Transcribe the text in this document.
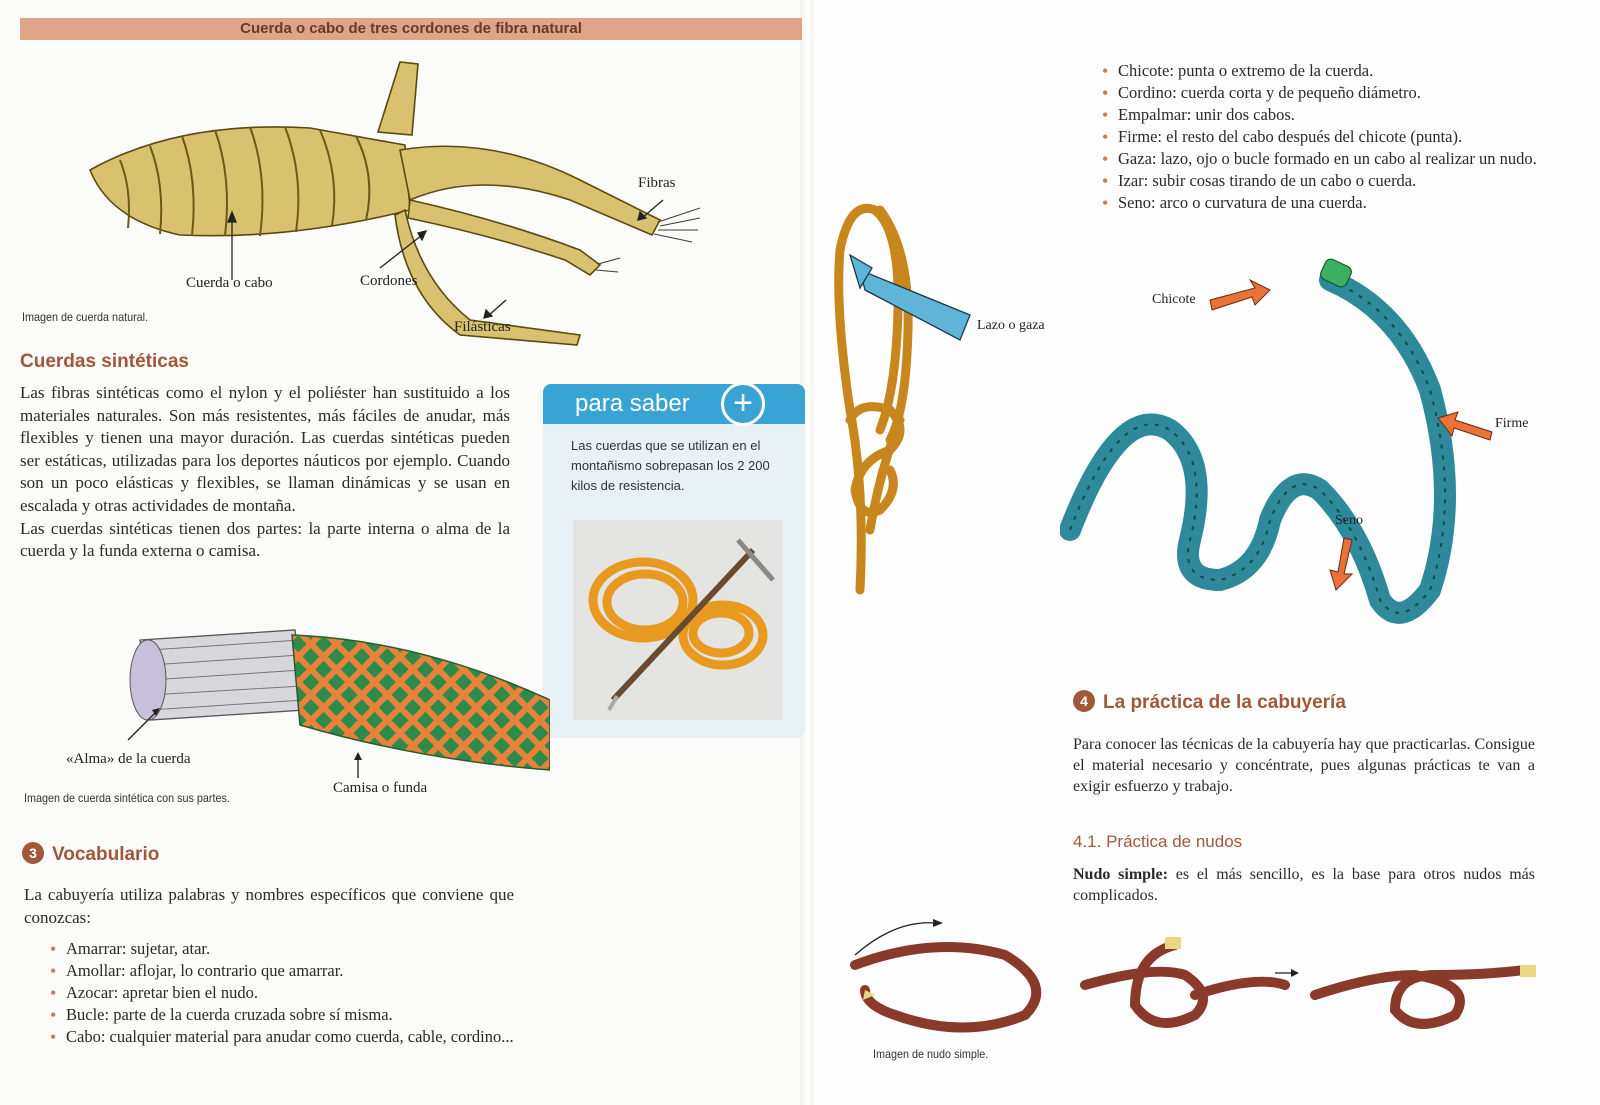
Cuerda o cabo de tres cordones de fibra natural
Cuerda o cabo	Cordones
Fibras
Filásticas
Imagen de cuerda natural.
Cuerdas sintéticas

Las fibras sintéticas como el nylon y el poliéster han sustituido a los materiales naturales. Son más resistentes, más fáciles de anudar, más flexibles y tienen una mayor duración. Las cuerdas sintéticas pueden ser estáticas, utilizadas para los deportes náuticos por ejemplo. Cuando son un poco elásticas y flexibles, se llaman dinámicas y se usan en escalada y otras actividades de montaña.

Las cuerdas sintéticas tienen dos partes: la parte interna o alma de la cuerda y la funda externa o camisa.

para saber	+
Las cuerdas que se utilizan en el montañismo sobrepasan los 2 200 kilos de resistencia.
«Alma» de la cuerda
Camisa o funda
Imagen de cuerda sintética con sus partes.
3 Vocabulario
La cabuyería utiliza palabras y nombres específicos que conviene que conozcas:
• Amarrar: sujetar, atar.
• Amollar: aflojar, lo contrario que amarrar.
• Azocar: apretar bien el nudo.
• Bucle: parte de la cuerda cruzada sobre sí misma.
• Cabo: cualquier material para anudar como cuerda, cable, cordino...
• Chicote: punta o extremo de la cuerda.
• Cordino: cuerda corta y de pequeño diámetro.
• Empalmar: unir dos cabos.
• Firme: el resto del cabo después del chicote (punta).
• Gaza: lazo, ojo o bucle formado en un cabo al realizar un nudo.
• Izar: subir cosas tirando de un cabo o cuerda.
• Seno: arco o curvatura de una cuerda.
Lazo o gaza
Chicote
Firme
Seno
4 La práctica de la cabuyería
Para conocer las técnicas de la cabuyería hay que practicarlas. Consigue el material necesario y concéntrate, pues algunas prácticas te van a exigir esfuerzo y trabajo.
4.1. Práctica de nudos
Nudo simple: es el más sencillo, es la base para otros nudos más complicados.
Imagen de nudo simple.
